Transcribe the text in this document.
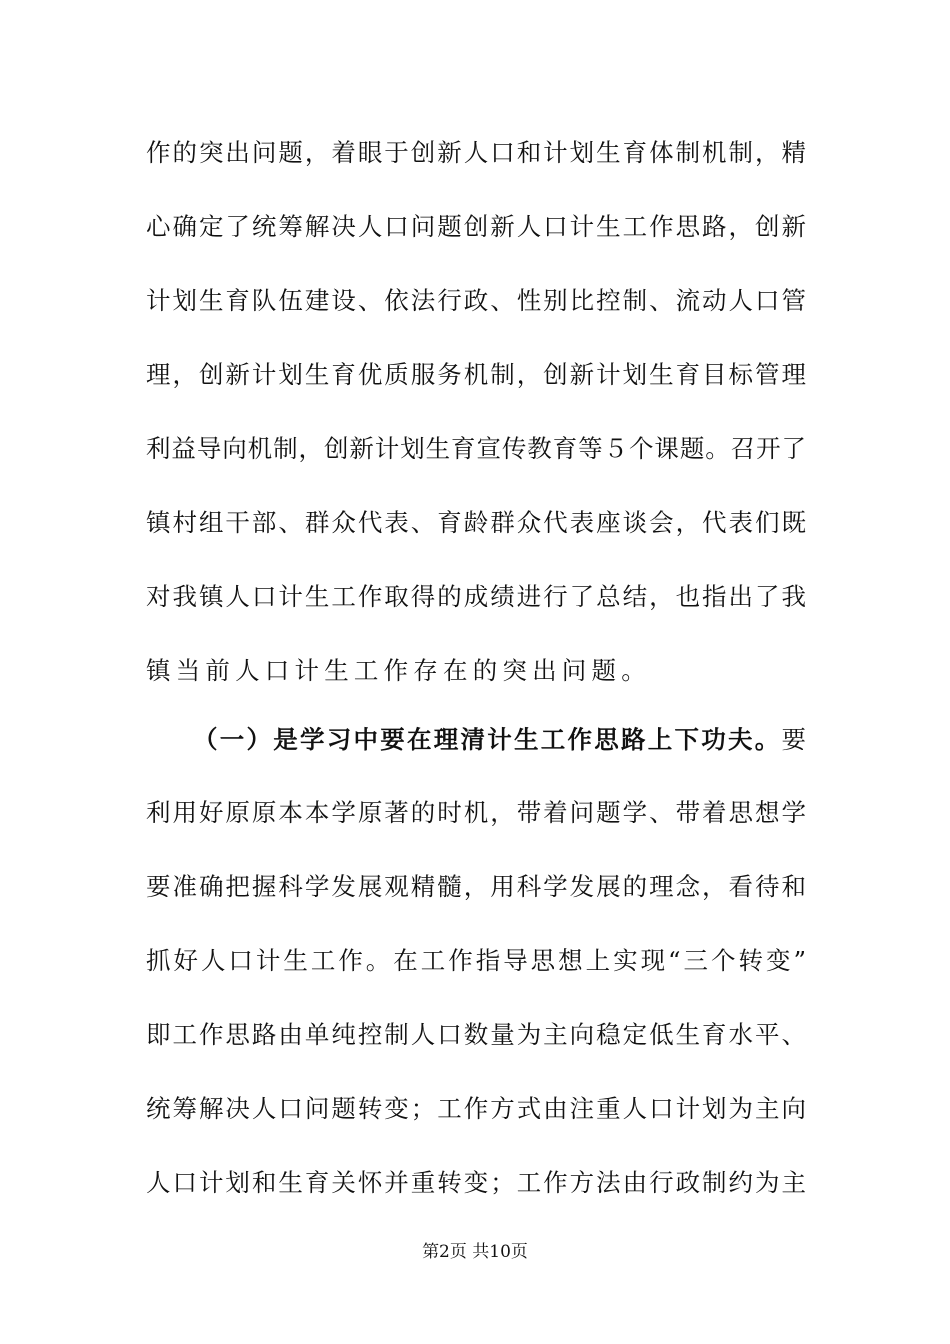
作的突出问题，着眼于创新人口和计划生育体制机制，精
心确定了统筹解决人口问题创新人口计生工作思路，创新
计划生育队伍建设、依法行政、性别比控制、流动人口管
理，创新计划生育优质服务机制，创新计划生育目标管理
利益导向机制，创新计划生育宣传教育等５个课题。召开了
镇村组干部、群众代表、育龄群众代表座谈会，代表们既
对我镇人口计生工作取得的成绩进行了总结，也指出了我
镇当前人口计生工作存在的突出问题。
（一）是学习中要在理清计生工作思路上下功夫。要
利用好原原本本学原著的时机，带着问题学、带着思想学
要准确把握科学发展观精髓，用科学发展的理念，看待和
抓好人口计生工作。在工作指导思想上实现“三个转变”
即工作思路由单纯控制人口数量为主向稳定低生育水平、
统筹解决人口问题转变；工作方式由注重人口计划为主向
人口计划和生育关怀并重转变；工作方法由行政制约为主
第2页 共10页
